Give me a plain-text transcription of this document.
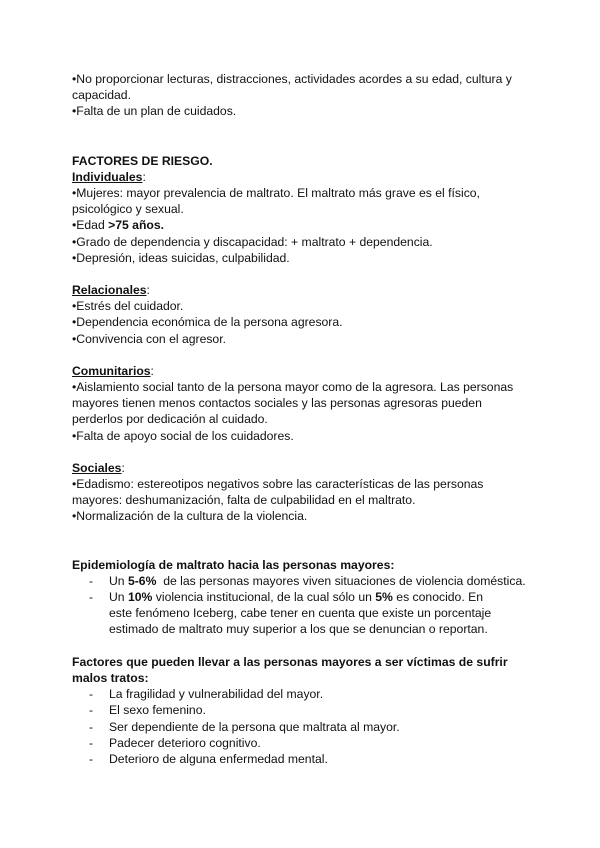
•No proporcionar lecturas, distracciones, actividades acordes a su edad, cultura y capacidad.

•Falta de un plan de cuidados.

FACTORES DE RIESGO.

Individuales:

•Mujeres: mayor prevalencia de maltrato. El maltrato más grave es el físico, psicológico y sexual.

•Edad >75 años.

•Grado de dependencia y discapacidad: + maltrato + dependencia.

•Depresión, ideas suicidas, culpabilidad.

Relacionales:

•Estrés del cuidador.

•Dependencia económica de la persona agresora.

•Convivencia con el agresor.

Comunitarios:

•Aislamiento social tanto de la persona mayor como de la agresora. Las personas mayores tienen menos contactos sociales y las personas agresoras pueden perderlos por dedicación al cuidado.

•Falta de apoyo social de los cuidadores.

Sociales:

•Edadismo: estereotipos negativos sobre las características de las personas mayores: deshumanización, falta de culpabilidad en el maltrato.

•Normalización de la cultura de la violencia.

Epidemiología de maltrato hacia las personas mayores:

- Un 5-6%  de las personas mayores viven situaciones de violencia doméstica.
- Un 10% violencia institucional, de la cual sólo un 5% es conocido. En este fenómeno Iceberg, cabe tener en cuenta que existe un porcentaje estimado de maltrato muy superior a los que se denuncian o reportan.

Factores que pueden llevar a las personas mayores a ser víctimas de sufrir malos tratos:

- La fragilidad y vulnerabilidad del mayor.
- El sexo femenino.
- Ser dependiente de la persona que maltrata al mayor.
- Padecer deterioro cognitivo.
- Deterioro de alguna enfermedad mental.
